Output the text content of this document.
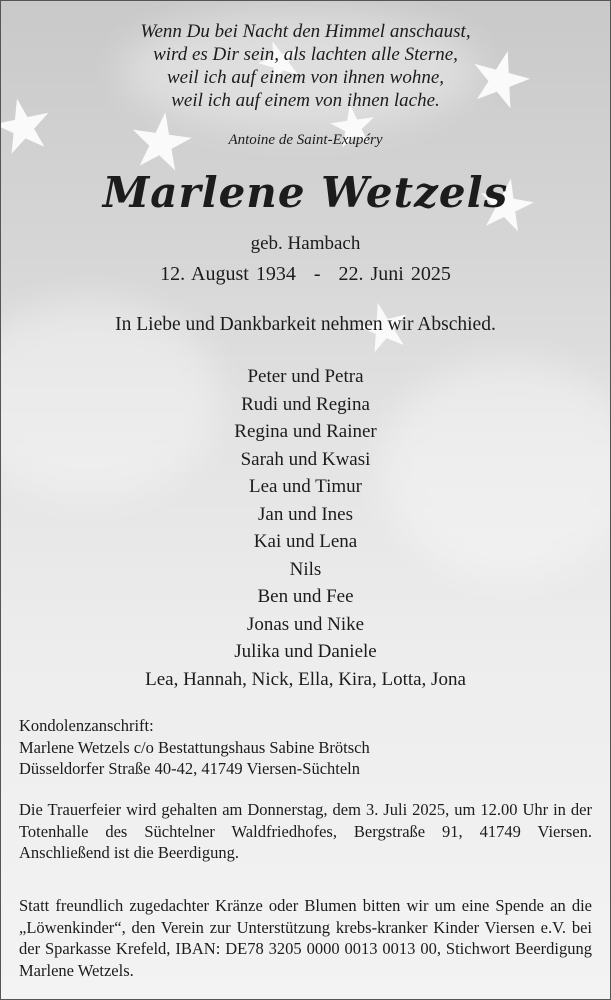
Wenn Du bei Nacht den Himmel anschaust,
wird es Dir sein, als lachten alle Sterne,
weil ich auf einem von ihnen wohne,
weil ich auf einem von ihnen lache.
Antoine de Saint-Exupéry
Marlene Wetzels
geb. Hambach
12. August 1934 - 22. Juni 2025
In Liebe und Dankbarkeit nehmen wir Abschied.
Peter und Petra
Rudi und Regina
Regina und Rainer
Sarah und Kwasi
Lea und Timur
Jan und Ines
Kai und Lena
Nils
Ben und Fee
Jonas und Nike
Julika und Daniele
Lea, Hannah, Nick, Ella, Kira, Lotta, Jona
Kondolenzanschrift:
Marlene Wetzels c/o Bestattungshaus Sabine Brötsch
Düsseldorfer Straße 40-42, 41749 Viersen-Süchteln
Die Trauerfeier wird gehalten am Donnerstag, dem 3. Juli 2025, um 12.00 Uhr in der Totenhalle des Süchtelner Waldfriedhofes, Bergstraße 91, 41749 Viersen. Anschließend ist die Beerdigung.
Statt freundlich zugedachter Kränze oder Blumen bitten wir um eine Spende an die „Löwenkinder“, den Verein zur Unterstützung krebs-kranker Kinder Viersen e.V. bei der Sparkasse Krefeld, IBAN: DE78 3205 0000 0013 0013 00, Stichwort Beerdigung Marlene Wetzels.
